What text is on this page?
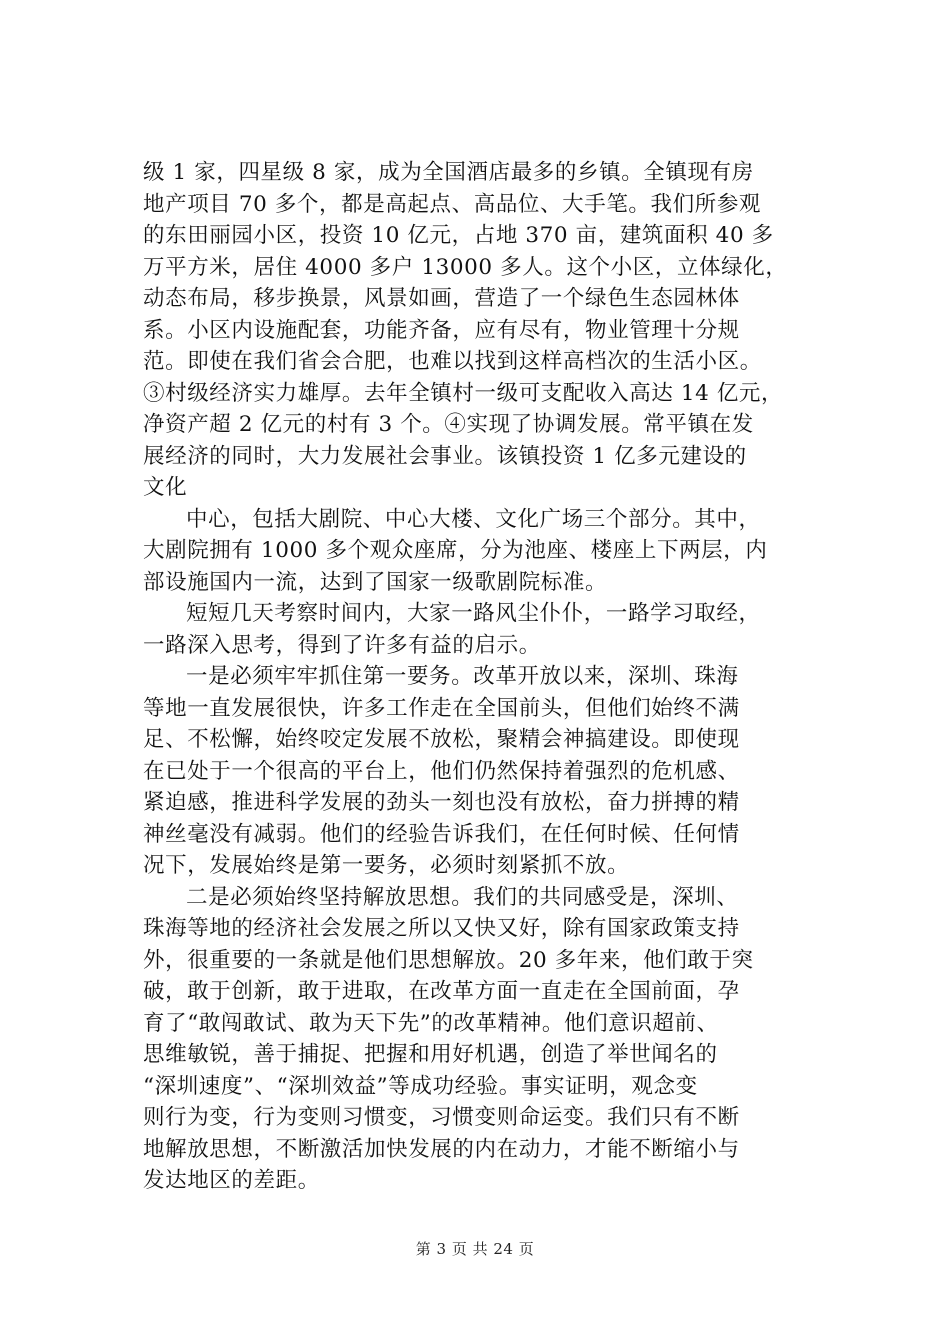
级 1 家，四星级 8 家，成为全国酒店最多的乡镇。全镇现有房
地产项目 70 多个，都是高起点、高品位、大手笔。我们所参观
的东田丽园小区，投资 10 亿元，占地 370 亩，建筑面积 40 多
万平方米，居住 4000 多户 13000 多人。这个小区，立体绿化，
动态布局，移步换景，风景如画，营造了一个绿色生态园林体
系。小区内设施配套，功能齐备，应有尽有，物业管理十分规
范。即使在我们省会合肥，也难以找到这样高档次的生活小区。
③村级经济实力雄厚。去年全镇村一级可支配收入高达 14 亿元，
净资产超 2 亿元的村有 3 个。④实现了协调发展。常平镇在发
展经济的同时，大力发展社会事业。该镇投资 1 亿多元建设的
文化
中心，包括大剧院、中心大楼、文化广场三个部分。其中，
大剧院拥有 1000 多个观众座席，分为池座、楼座上下两层，内
部设施国内一流，达到了国家一级歌剧院标准。
短短几天考察时间内，大家一路风尘仆仆，一路学习取经，
一路深入思考，得到了许多有益的启示。
一是必须牢牢抓住第一要务。改革开放以来，深圳、珠海
等地一直发展很快，许多工作走在全国前头，但他们始终不满
足、不松懈，始终咬定发展不放松，聚精会神搞建设。即使现
在已处于一个很高的平台上，他们仍然保持着强烈的危机感、
紧迫感，推进科学发展的劲头一刻也没有放松，奋力拼搏的精
神丝毫没有减弱。他们的经验告诉我们，在任何时候、任何情
况下，发展始终是第一要务，必须时刻紧抓不放。
二是必须始终坚持解放思想。我们的共同感受是，深圳、
珠海等地的经济社会发展之所以又快又好，除有国家政策支持
外，很重要的一条就是他们思想解放。20 多年来，他们敢于突
破，敢于创新，敢于进取，在改革方面一直走在全国前面，孕
育了“敢闯敢试、敢为天下先”的改革精神。他们意识超前、
思维敏锐，善于捕捉、把握和用好机遇，创造了举世闻名的
“深圳速度”、“深圳效益”等成功经验。事实证明，观念变
则行为变，行为变则习惯变，习惯变则命运变。我们只有不断
地解放思想，不断激活加快发展的内在动力，才能不断缩小与
发达地区的差距。
第 3 页 共 24 页
